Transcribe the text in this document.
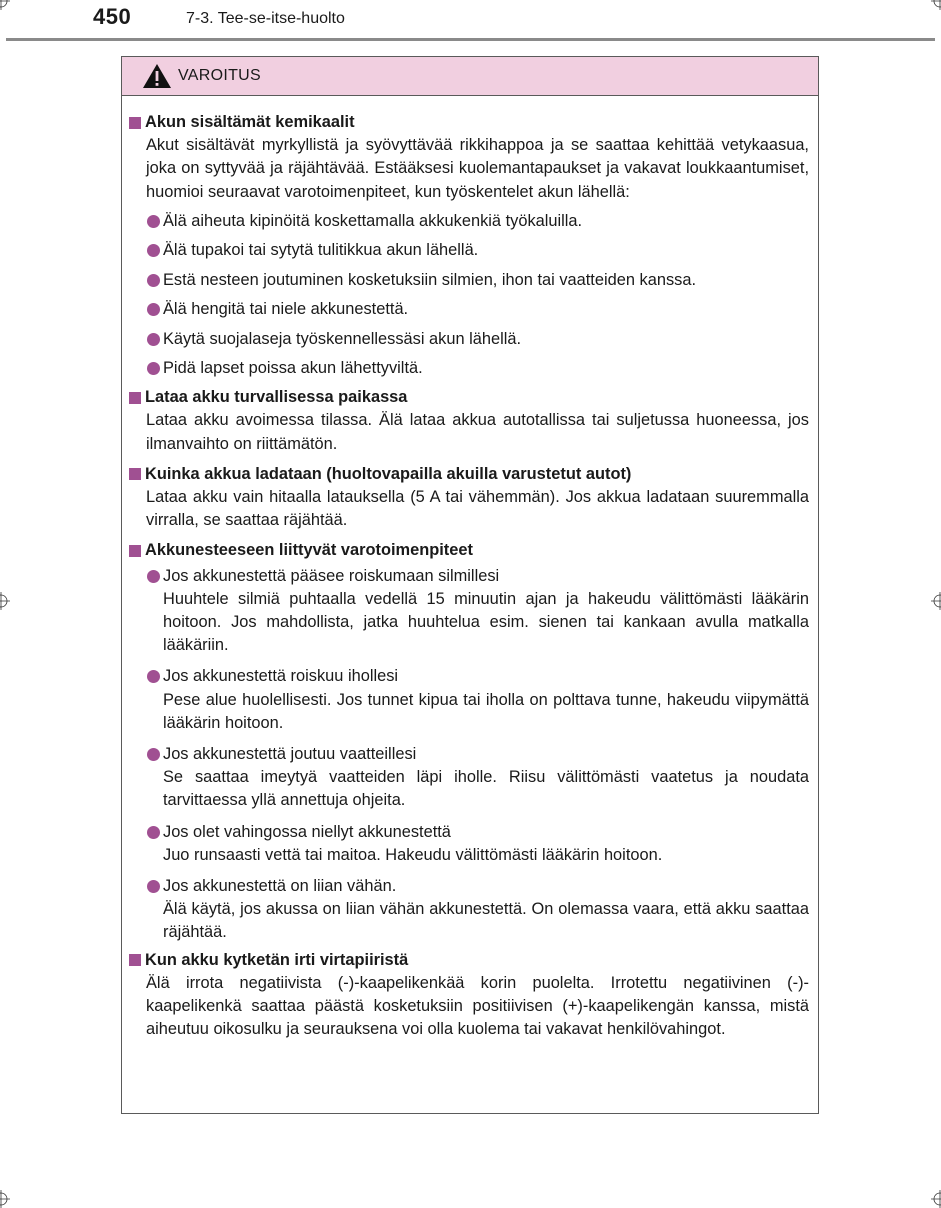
450	7-3. Tee-se-itse-huolto
VAROITUS
Akun sisältämät kemikaalit
Akut sisältävät myrkyllistä ja syövyttävää rikkihappoa ja se saattaa kehittää vetykaasua, joka on syttyvää ja räjähtävää. Estääksesi kuolemantapaukset ja vakavat loukkaantumiset, huomioi seuraavat varotoimenpiteet, kun työskentelet akun lähellä:
Älä aiheuta kipinöitä koskettamalla akkukenkiä työkaluilla.
Älä tupakoi tai sytytä tulitikkua akun lähellä.
Estä nesteen joutuminen kosketuksiin silmien, ihon tai vaatteiden kanssa.
Älä hengitä tai niele akkunestettä.
Käytä suojalaseja työskennellessäsi akun lähellä.
Pidä lapset poissa akun lähettyviltä.
Lataa akku turvallisessa paikassa
Lataa akku avoimessa tilassa. Älä lataa akkua autotallissa tai suljetussa huoneessa, jos ilmanvaihto on riittämätön.
Kuinka akkua ladataan (huoltovapailla akuilla varustetut autot)
Lataa akku vain hitaalla latauksella (5 A tai vähemmän). Jos akkua ladataan suuremmalla virralla, se saattaa räjähtää.
Akkunesteeseen liittyvät varotoimenpiteet
Jos akkunestettä pääsee roiskumaan silmillesi
Huuhtele silmiä puhtaalla vedellä 15 minuutin ajan ja hakeudu välittömästi lääkärin hoitoon. Jos mahdollista, jatka huuhtelua esim. sienen tai kankaan avulla matkalla lääkäriin.
Jos akkunestettä roiskuu ihollesi
Pese alue huolellisesti. Jos tunnet kipua tai iholla on polttava tunne, hakeudu viipymättä lääkärin hoitoon.
Jos akkunestettä joutuu vaatteillesi
Se saattaa imeytyä vaatteiden läpi iholle. Riisu välittömästi vaatetus ja noudata tarvittaessa yllä annettuja ohjeita.
Jos olet vahingossa niellyt akkunestettä
Juo runsaasti vettä tai maitoa. Hakeudu välittömästi lääkärin hoitoon.
Jos akkunestettä on liian vähän.
Älä käytä, jos akussa on liian vähän akkunestettä. On olemassa vaara, että akku saattaa räjähtää.
Kun akku kytketän irti virtapiiristä
Älä irrota negatiivista (-)-kaapelikenkää korin puolelta. Irrotettu negatiivinen (-)-kaapelikenkä saattaa päästä kosketuksiin positiivisen (+)-kaapelikengän kanssa, mistä aiheutuu oikosulku ja seurauksena voi olla kuolema tai vakavat henkilövahingot.
